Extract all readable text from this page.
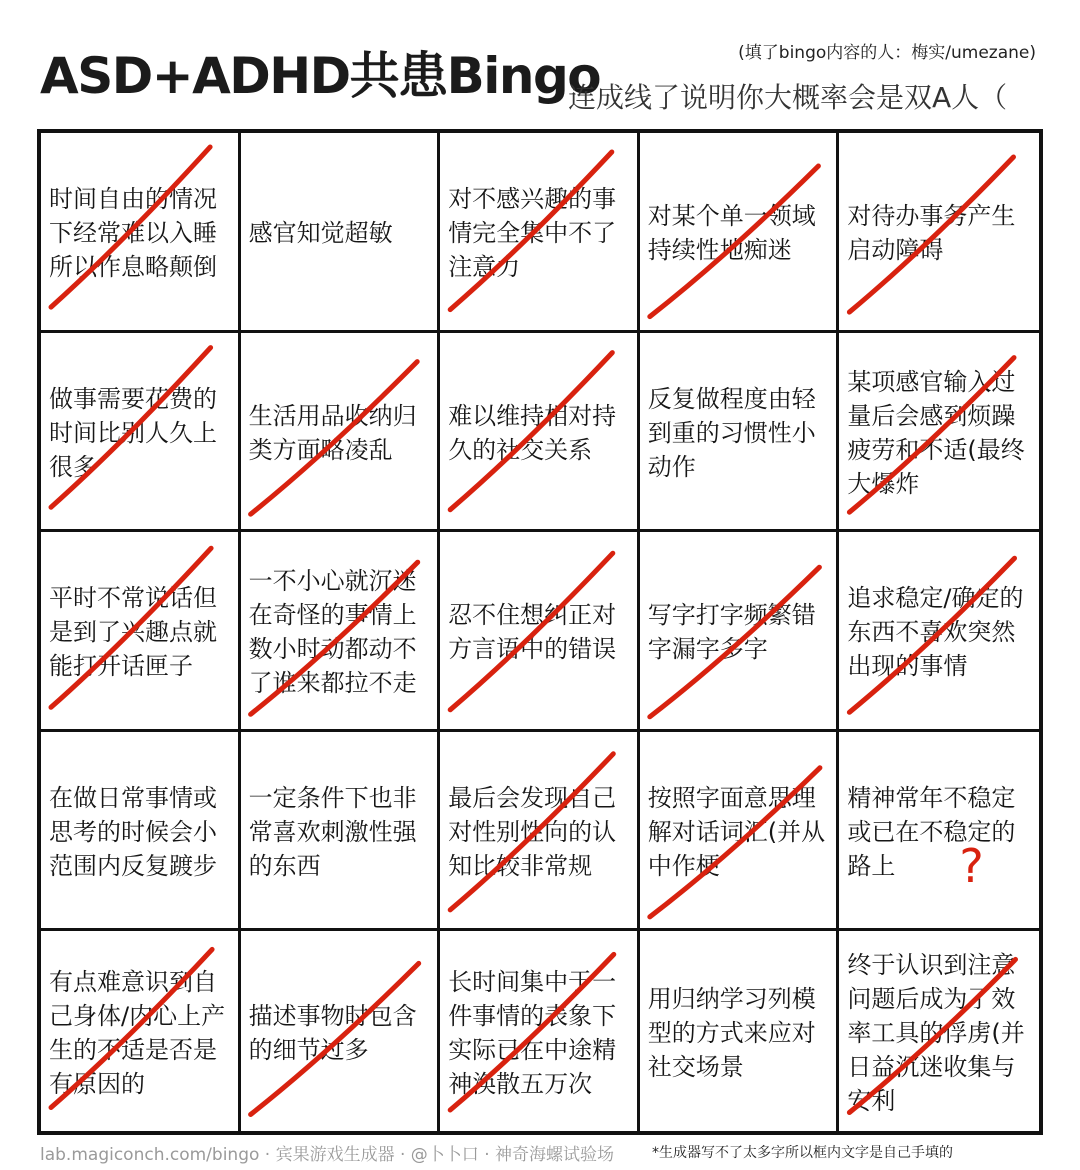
ASD+ADHD共患Bingo	(填了bingo内容的人：梅实/umezane)
连成线了说明你大概率会是双A人（
时间自由的情况下经常难以入睡所以作息略颠倒
感官知觉超敏
对不感兴趣的事情完全集中不了注意力
对某个单一领域持续性地痴迷
对待办事务产生启动障碍
做事需要花费的时间比别人久上很多
生活用品收纳归类方面略凌乱
难以维持相对持久的社交关系
反复做程度由轻到重的习惯性小动作
某项感官输入过量后会感到烦躁疲劳和不适(最终大爆炸
平时不常说话但是到了兴趣点就能打开话匣子
一不小心就沉迷在奇怪的事情上数小时动都动不了谁来都拉不走
忍不住想纠正对方言语中的错误
写字打字频繁错字漏字多字
追求稳定/确定的东西不喜欢突然出现的事情
在做日常事情或思考的时候会小范围内反复踱步
一定条件下也非常喜欢刺激性强的东西
最后会发现自己对性别性向的认知比较非常规
按照字面意思理解对话词汇(并从中作梗
精神常年不稳定或已在不稳定的路上
有点难意识到自己身体/内心上产生的不适是否是有原因的
描述事物时包含的细节过多
长时间集中于一件事情的表象下实际已在中途精神涣散五万次
用归纳学习列模型的方式来应对社交场景
终于认识到注意问题后成为了效率工具的俘虏(并日益沉迷收集与安利
?
lab.magiconch.com/bingo · 宾果游戏生成器 · @卜卜口 · 神奇海螺试验场	*生成器写不了太多字所以框内文字是自己手填的
